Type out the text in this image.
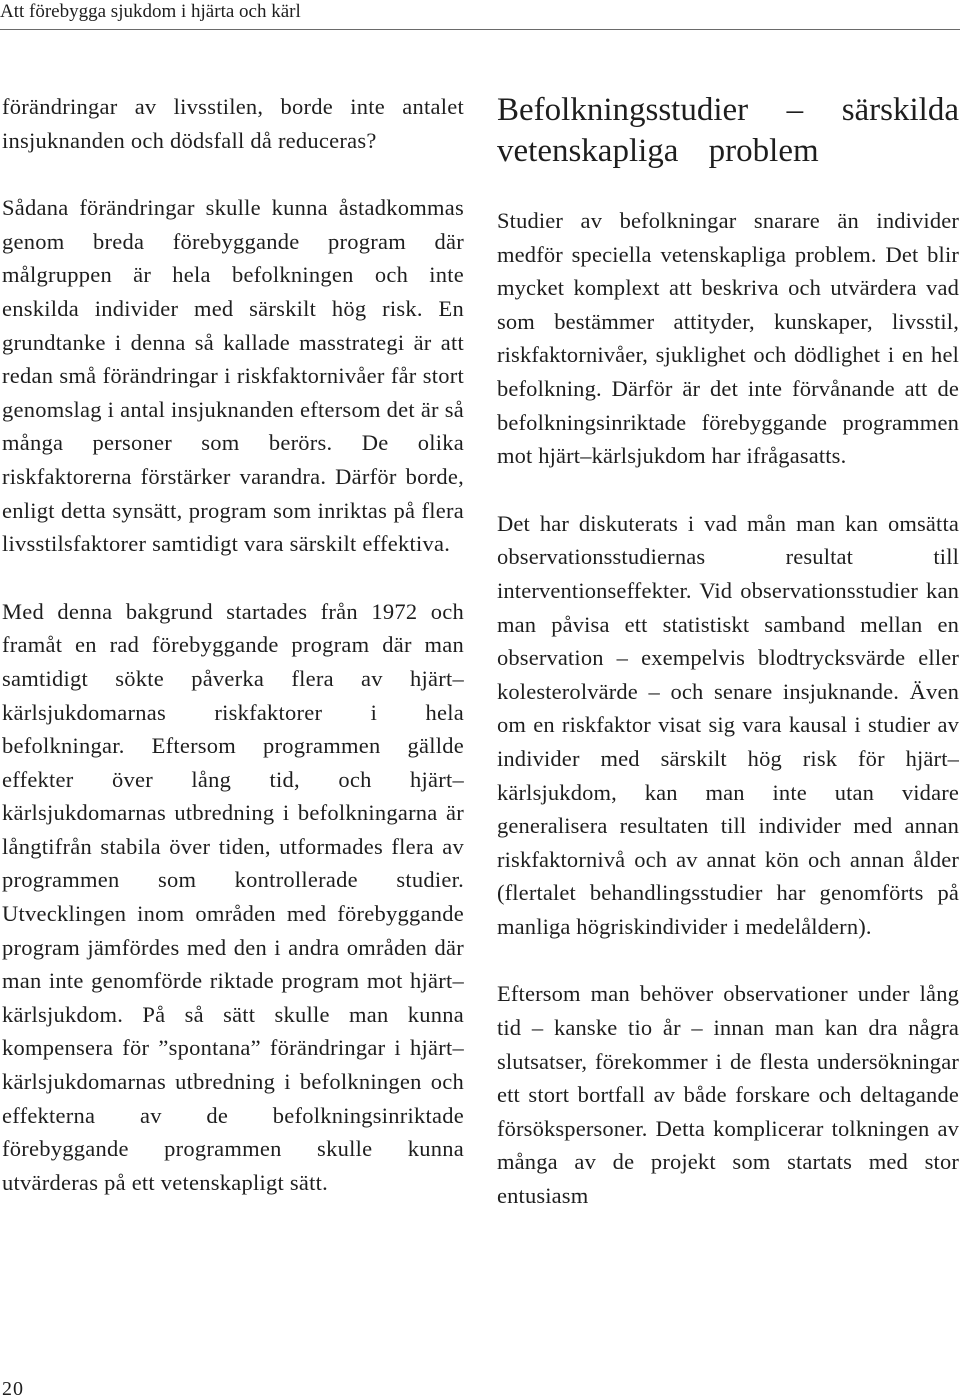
Att förebygga sjukdom i hjärta och kärl

förändringar av livsstilen, borde inte antalet insjuknanden och dödsfall då reduceras?

Sådana förändringar skulle kunna åstadkommas genom breda förebyggande program där målgruppen är hela befolkningen och inte enskilda individer med särskilt hög risk. En grundtanke i denna så kallade masstrategi är att redan små förändringar i riskfaktornivåer får stort genomslag i antal insjuknanden eftersom det är så många personer som berörs. De olika riskfaktorerna förstärker varandra. Därför borde, enligt detta synsätt, program som inriktas på flera livsstilsfaktorer samtidigt vara särskilt effektiva.

Med denna bakgrund startades från 1972 och framåt en rad förebyggande program där man samtidigt sökte påverka flera av hjärt–kärlsjukdomarnas riskfaktorer i hela befolkningar. Eftersom programmen gällde effekter över lång tid, och hjärt–kärlsjukdomarnas utbredning i befolkningarna är långtifrån stabila över tiden, utformades flera av programmen som kontrollerade studier. Utvecklingen inom områden med förebyggande program jämfördes med den i andra områden där man inte genomförde riktade program mot hjärt–kärlsjukdom. På så sätt skulle man kunna kompensera för ”spontana” förändringar i hjärt–kärlsjukdomarnas utbredning i befolkningen och effekterna av de befolkningsinriktade förebyggande programmen skulle kunna utvärderas på ett vetenskapligt sätt.

Befolkningsstudier – särskilda
vetenskapliga problem

Studier av befolkningar snarare än individer medför speciella vetenskapliga problem. Det blir mycket komplext att beskriva och utvärdera vad som bestämmer attityder, kunskaper, livsstil, riskfaktornivåer, sjuklighet och dödlighet i en hel befolkning. Därför är det inte förvånande att de befolkningsinriktade förebyggande programmen mot hjärt–kärlsjukdom har ifrågasatts.

Det har diskuterats i vad mån man kan omsätta observationsstudiernas resultat till interventionseffekter. Vid observationsstudier kan man påvisa ett statistiskt samband mellan en observation – exempelvis blodtrycksvärde eller kolesterolvärde – och senare insjuknande. Även om en riskfaktor visat sig vara kausal i studier av individer med särskilt hög risk för hjärt–kärlsjukdom, kan man inte utan vidare generalisera resultaten till individer med annan riskfaktornivå och av annat kön och annan ålder (flertalet behandlingsstudier har genomförts på manliga högriskindivider i medelåldern).

Eftersom man behöver observationer under lång tid – kanske tio år – innan man kan dra några slutsatser, förekommer i de flesta undersökningar ett stort bortfall av både forskare och deltagande försökspersoner. Detta komplicerar tolkningen av många av de projekt som startats med stor entusiasm

20
